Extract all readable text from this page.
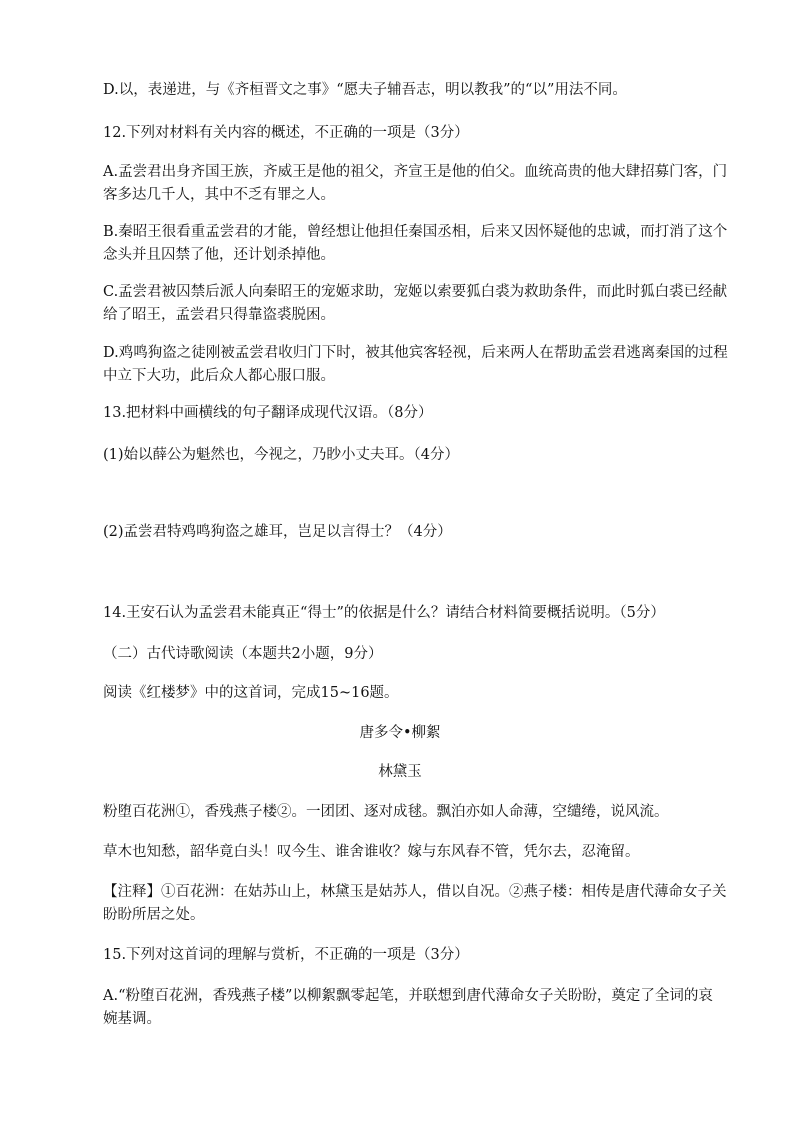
D.以，表递进，与《齐桓晋文之事》“愿夫子辅吾志，明以教我”的“以”用法不同。
12.下列对材料有关内容的概述，不正确的一项是（3分）
A.孟尝君出身齐国王族，齐威王是他的祖父，齐宣王是他的伯父。血统高贵的他大肆招募门客，门
客多达几千人，其中不乏有罪之人。
B.秦昭王很看重孟尝君的才能，曾经想让他担任秦国丞相，后来又因怀疑他的忠诚，而打消了这个
念头并且囚禁了他，还计划杀掉他。
C.孟尝君被囚禁后派人向秦昭王的宠姬求助，宠姬以索要狐白裘为救助条件，而此时狐白裘已经献
给了昭王，孟尝君只得靠盗裘脱困。
D.鸡鸣狗盗之徒刚被孟尝君收归门下时，被其他宾客轻视，后来两人在帮助孟尝君逃离秦国的过程
中立下大功，此后众人都心服口服。
13.把材料中画横线的句子翻译成现代汉语。（8分）
(1)始以薛公为魁然也，今视之，乃眇小丈夫耳。（4分）
(2)孟尝君特鸡鸣狗盗之雄耳，岂足以言得士？（4分）
14.王安石认为孟尝君未能真正“得士”的依据是什么？请结合材料简要概括说明。（5分）
（二）古代诗歌阅读（本题共2小题，9分）
阅读《红楼梦》中的这首词，完成15~16题。
唐多令•柳絮
林黛玉
粉堕百花洲①，香残燕子楼②。一团团、逐对成毬。飘泊亦如人命薄，空缱绻，说风流。
草木也知愁，韶华竟白头！叹今生、谁舍谁收？嫁与东风春不管，凭尔去，忍淹留。
【注释】①百花洲：在姑苏山上，林黛玉是姑苏人，借以自况。②燕子楼：相传是唐代薄命女子关
盼盼所居之处。
15.下列对这首词的理解与赏析，不正确的一项是（3分）
A.“粉堕百花洲，香残燕子楼”以柳絮飘零起笔，并联想到唐代薄命女子关盼盼，奠定了全词的哀
婉基调。
